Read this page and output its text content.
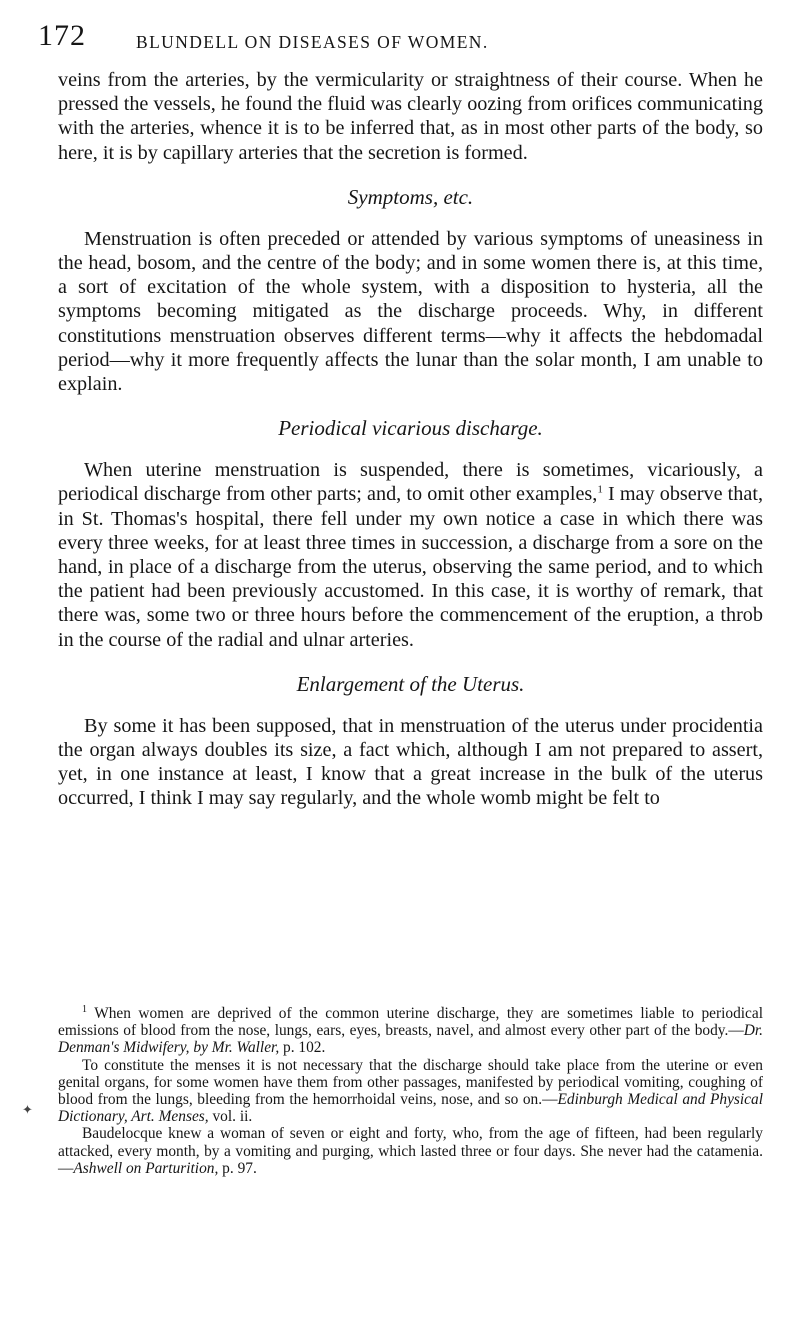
172	BLUNDELL ON DISEASES OF WOMEN.

veins from the arteries, by the vermicularity or straightness of their course. When he pressed the vessels, he found the fluid was clearly oozing from orifices communicating with the arteries, whence it is to be inferred that, as in most other parts of the body, so here, it is by capillary arteries that the secretion is formed.

Symptoms, etc.

Menstruation is often preceded or attended by various symptoms of uneasiness in the head, bosom, and the centre of the body; and in some women there is, at this time, a sort of excitation of the whole system, with a disposition to hysteria, all the symptoms becoming mitigated as the discharge proceeds. Why, in different constitutions menstruation observes different terms—why it affects the hebdomadal period—why it more frequently affects the lunar than the solar month, I am unable to explain.

Periodical vicarious discharge.

When uterine menstruation is suspended, there is sometimes, vicariously, a periodical discharge from other parts; and, to omit other examples,$^1$ I may observe that, in St. Thomas's hospital, there fell under my own notice a case in which there was every three weeks, for at least three times in succession, a discharge from a sore on the hand, in place of a discharge from the uterus, observing the same period, and to which the patient had been previously accustomed. In this case, it is worthy of remark, that there was, some two or three hours before the commencement of the eruption, a throb in the course of the radial and ulnar arteries.

Enlargement of the Uterus.

By some it has been supposed, that in menstruation of the uterus under procidentia the organ always doubles its size, a fact which, although I am not prepared to assert, yet, in one instance at least, I know that a great increase in the bulk of the uterus occurred, I think I may say regularly, and the whole womb might be felt to

✦

$^1$ When women are deprived of the common uterine discharge, they are sometimes liable to periodical emissions of blood from the nose, lungs, ears, eyes, breasts, navel, and almost every other part of the body.—Dr. Denman's Midwifery, by Mr. Waller, p. 102.

To constitute the menses it is not necessary that the discharge should take place from the uterine or even genital organs, for some women have them from other passages, manifested by periodical vomiting, coughing of blood from the lungs, bleeding from the hemorrhoidal veins, nose, and so on.—Edinburgh Medical and Physical Dictionary, Art. Menses, vol. ii.

Baudelocque knew a woman of seven or eight and forty, who, from the age of fifteen, had been regularly attacked, every month, by a vomiting and purging, which lasted three or four days. She never had the catamenia.—Ashwell on Parturition, p. 97.
